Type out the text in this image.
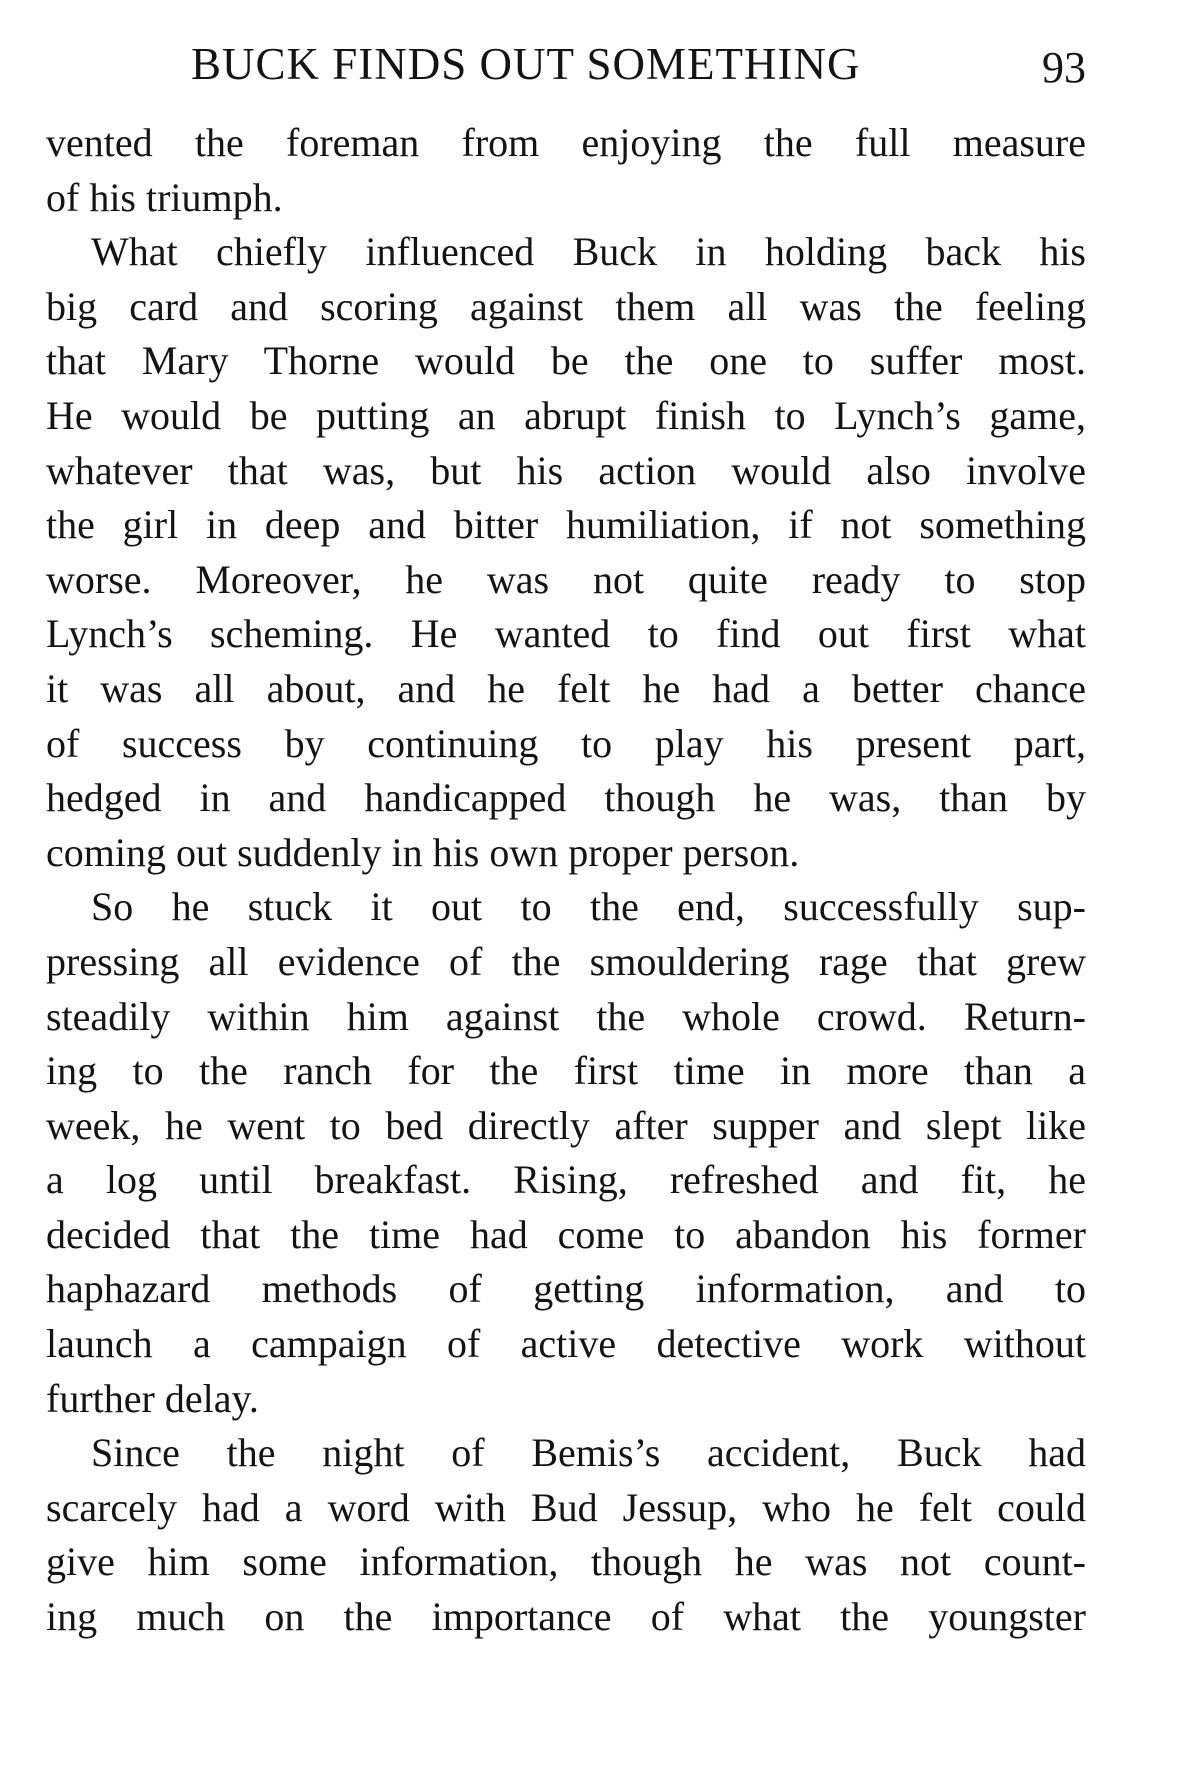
BUCK FINDS OUT SOMETHING	93
vented the foreman from enjoying the full measure
of his triumph.
What chiefly influenced Buck in holding back his
big card and scoring against them all was the feeling
that Mary Thorne would be the one to suffer most.
He would be putting an abrupt finish to Lynch’s game,
whatever that was, but his action would also involve
the girl in deep and bitter humiliation, if not something
worse. Moreover, he was not quite ready to stop
Lynch’s scheming. He wanted to find out first what
it was all about, and he felt he had a better chance
of success by continuing to play his present part,
hedged in and handicapped though he was, than by
coming out suddenly in his own proper person.
So he stuck it out to the end, successfully sup-
pressing all evidence of the smouldering rage that grew
steadily within him against the whole crowd. Return-
ing to the ranch for the first time in more than a
week, he went to bed directly after supper and slept like
a log until breakfast. Rising, refreshed and fit, he
decided that the time had come to abandon his former
haphazard methods of getting information, and to
launch a campaign of active detective work without
further delay.
Since the night of Bemis’s accident, Buck had
scarcely had a word with Bud Jessup, who he felt could
give him some information, though he was not count-
ing much on the importance of what the youngster
